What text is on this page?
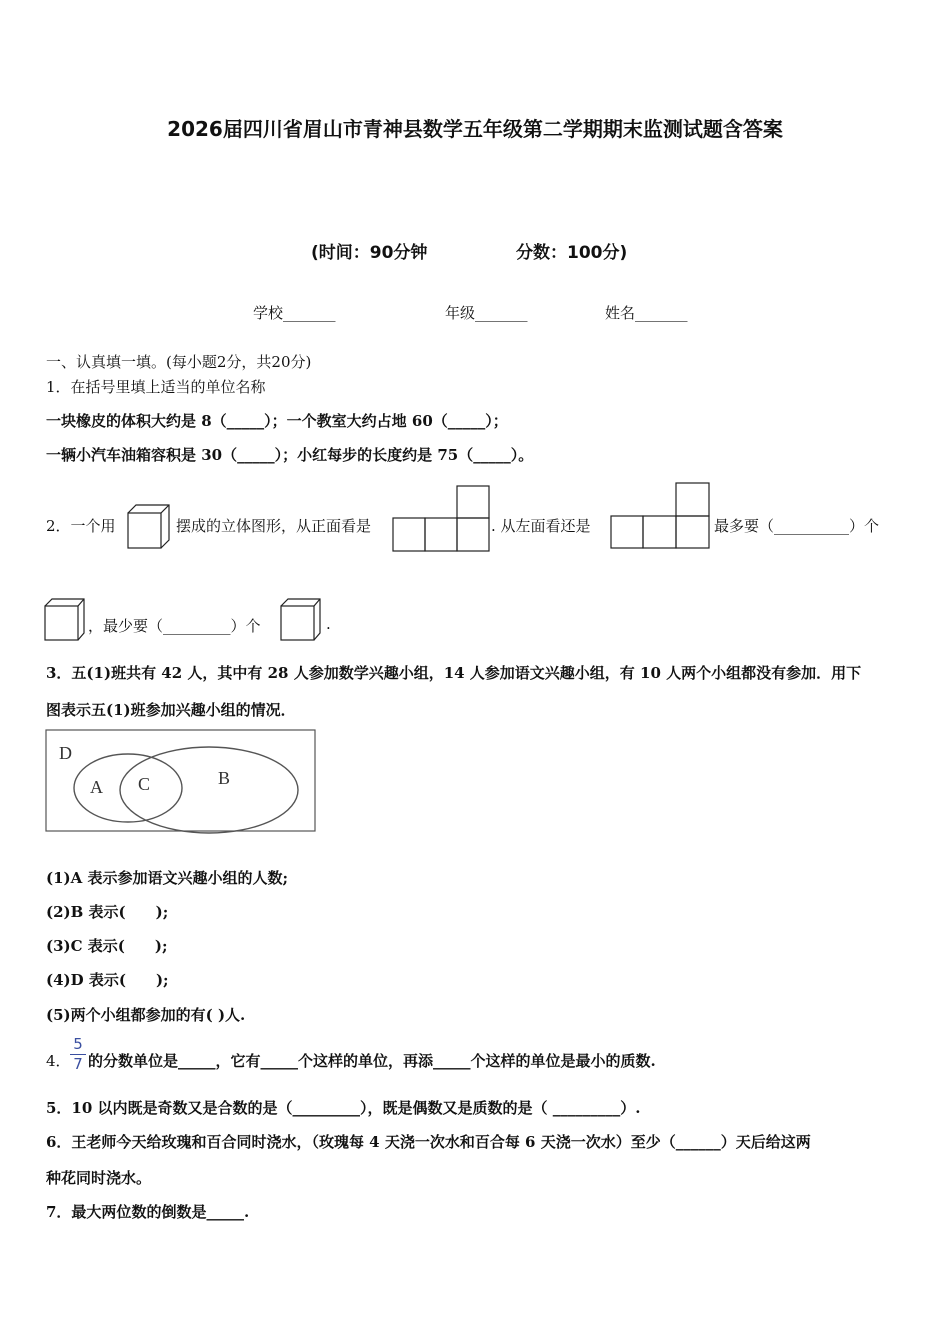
2026届四川省眉山市青神县数学五年级第二学期期末监测试题含答案
(时间：90分钟	分数：100分)
学校_______	年级_______	姓名_______
一、认真填一填。(每小题2分，共20分)
1．在括号里填上适当的单位名称
一块橡皮的体积大约是 8（_____）；一个教室大约占地 60（_____）；
一辆小汽车油箱容积是 30（_____）；小红每步的长度约是 75（_____）。
2．一个用	摆成的立体图形，从正面看是	. 从左面看还是	最多要（__________）个
，最少要（_________）个	.
3．五(1)班共有 42 人，其中有 28 人参加数学兴趣小组，14 人参加语文兴趣小组，有 10 人两个小组都没有参加．用下
图表示五(1)班参加兴趣小组的情况．
D
A C	B
(1)A 表示参加语文兴趣小组的人数;
(2)B 表示(　　);
(3)C 表示(　　);
(4)D 表示(　　);
(5)两个小组都参加的有( )人.
4．
5
7 的分数单位是_____，它有_____个这样的单位，再添_____个这样的单位是最小的质数.
5．10 以内既是奇数又是合数的是（_________），既是偶数又是质数的是（ _________）.
6．王老师今天给玫瑰和百合同时浇水，（玫瑰每 4 天浇一次水和百合每 6 天浇一次水）至少（______）天后给这两
种花同时浇水。
7．最大两位数的倒数是_____.
